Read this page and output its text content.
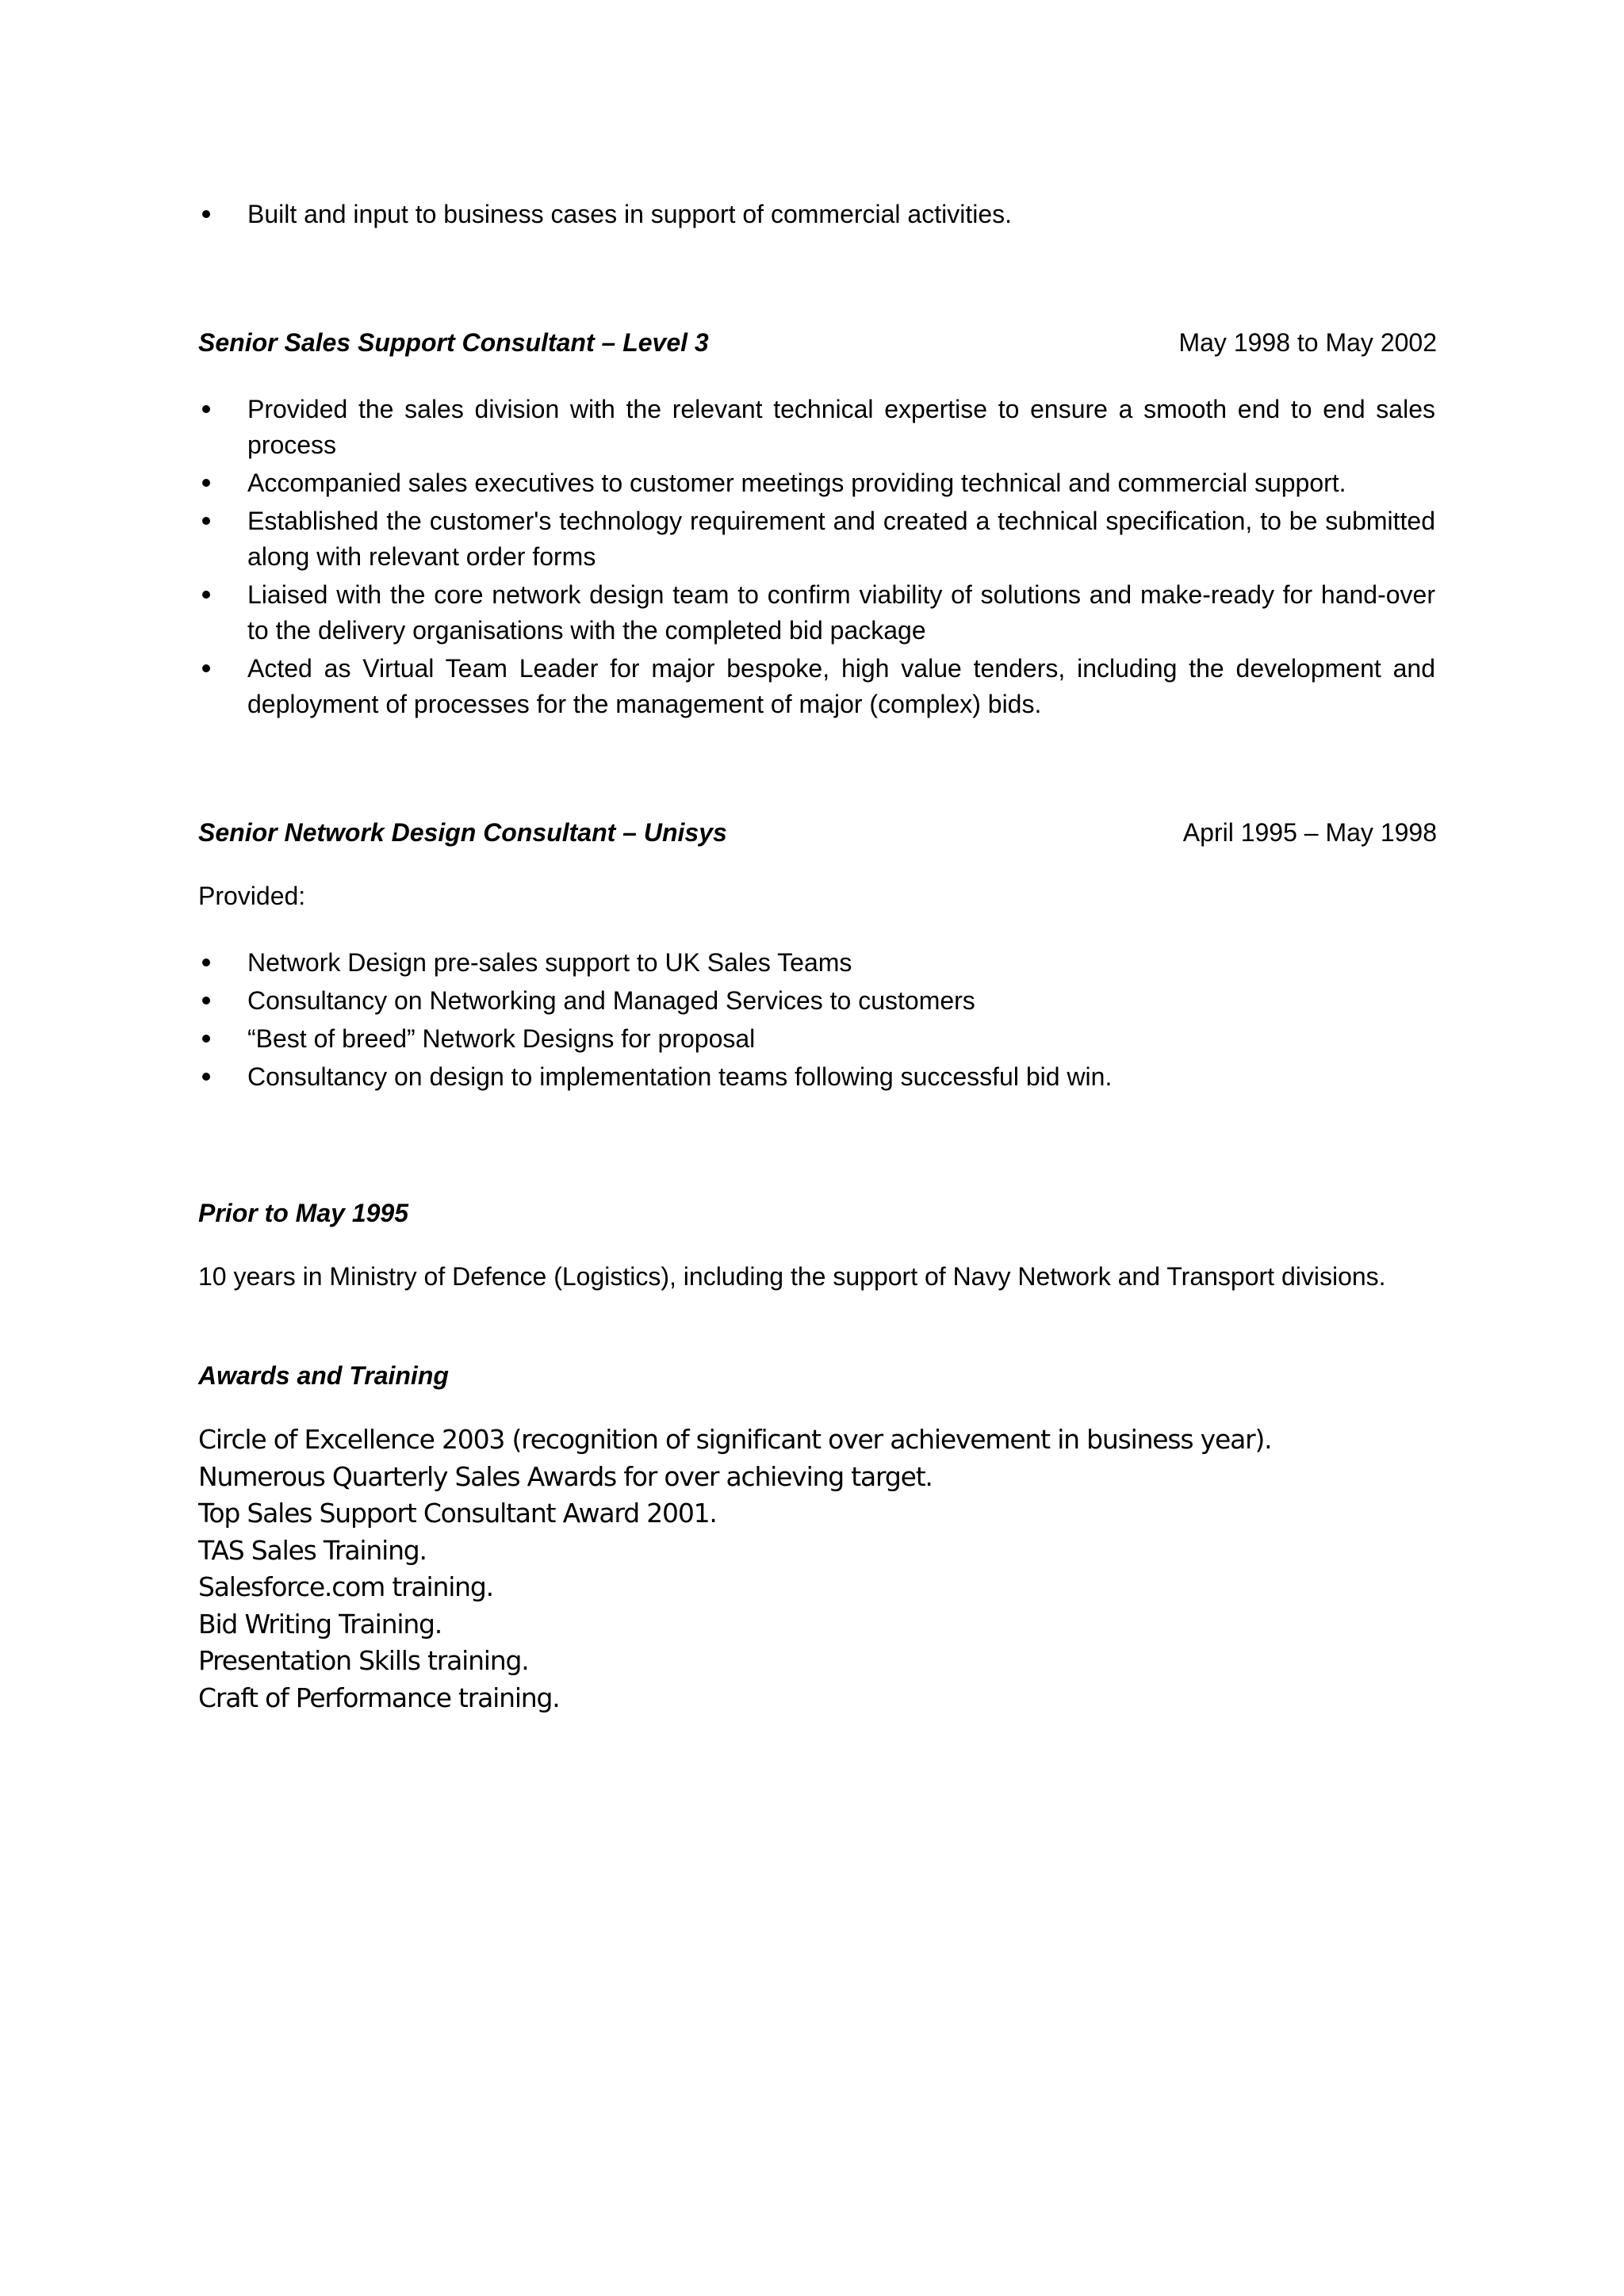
Built and input to business cases in support of commercial activities.
Senior Sales Support Consultant – Level 3	May 1998 to May 2002
Provided the sales division with the relevant technical expertise to ensure a smooth end to end sales process
Accompanied sales executives to customer meetings providing technical and commercial support.
Established the customer's technology requirement and created a technical specification, to be submitted along with relevant order forms
Liaised with the core network design team to confirm viability of solutions and make-ready for hand-over to the delivery organisations with the completed bid package
Acted as Virtual Team Leader for major bespoke, high value tenders, including the development and deployment of processes for the management of major (complex) bids.
Senior Network Design Consultant – Unisys	April 1995 – May 1998
Provided:
Network Design pre-sales support to UK Sales Teams
Consultancy on Networking and Managed Services to customers
“Best of breed” Network Designs for proposal
Consultancy on design to implementation teams following successful bid win.
Prior to May 1995
10 years in Ministry of Defence (Logistics), including the support of Navy Network and Transport divisions.
Awards and Training
Circle of Excellence 2003 (recognition of significant over achievement in business year).
Numerous Quarterly Sales Awards for over achieving target.
Top Sales Support Consultant Award 2001.
TAS Sales Training.
Salesforce.com training.
Bid Writing Training.
Presentation Skills training.
Craft of Performance training.
